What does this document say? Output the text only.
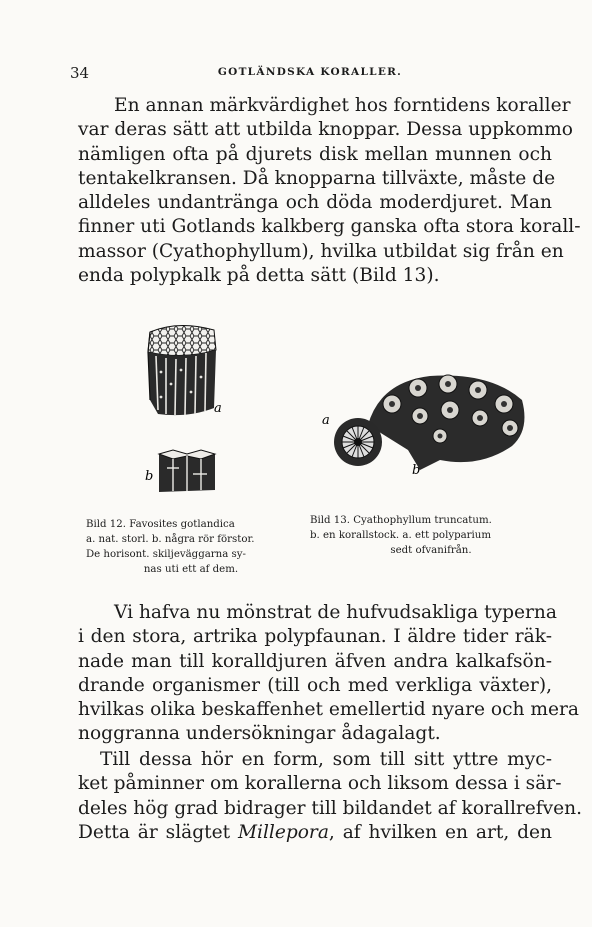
34	GOTLÄNDSKA KORALLER.

En annan märkvärdighet hos forntidens koraller
var deras sätt att utbilda knoppar. Dessa uppkommo
nämligen ofta på djurets disk mellan munnen och
tentakelkransen. Då knopparna tillväxte, måste de
alldeles undantränga och döda moderdjuret. Man
finner uti Gotlands kalkberg ganska ofta stora korall-
massor (Cyathophyllum), hvilka utbildat sig från en
enda polypkalk på detta sätt (Bild 13).

a
b
a
b
Bild 12. Favosites gotlandica
a. nat. storl. b. några rör förstor.
De horisont. skiljeväggarna sy-
nas uti ett af dem.
Bild 13. Cyathophyllum truncatum.
b. en korallstock. a. ett polyparium
sedt ofvanifrån.

Vi hafva nu mönstrat de hufvudsakliga typerna
i den stora, artrika polypfaunan. I äldre tider räk-
nade man till koralldjuren äfven andra kalkafsön-
drande organismer (till och med verkliga växter),
hvilkas olika beskaffenhet emellertid nyare och mera
noggranna undersökningar ådagalagt.

Till dessa hör en form, som till sitt yttre myc-
ket påminner om korallerna och liksom dessa i sär-
deles hög grad bidrager till bildandet af korallrefven.
Detta är slägtet Millepora, af hvilken en art, den
